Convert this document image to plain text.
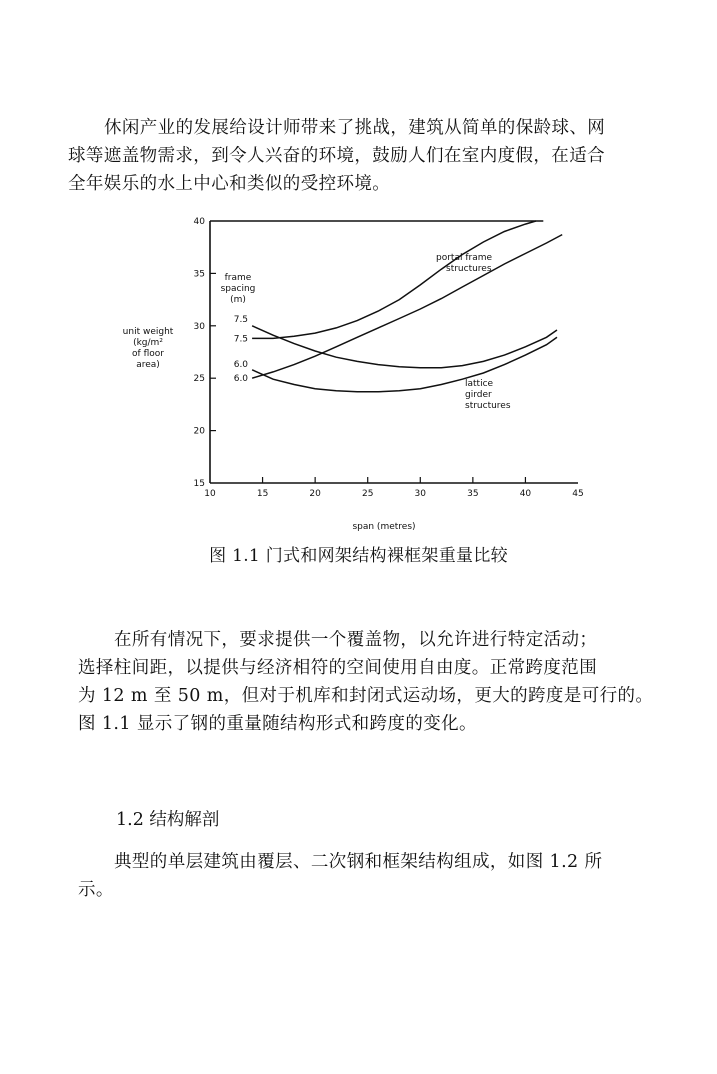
休闲产业的发展给设计师带来了挑战，建筑从简单的保龄球、网
球等遮盖物需求，到令人兴奋的环境，鼓励人们在室内度假，在适合
全年娱乐的水上中心和类似的受控环境。
15
20
25
30
35
40
10	15	20	25	30	35	40	45
7.5
6.0
7.5
6.0
span (metres)
unit weight (kg/m² of floor area)
frame spacing (m)
portal frame structures
lattice girder structures
图 1.1 门式和网架结构裸框架重量比较
在所有情况下，要求提供一个覆盖物，以允许进行特定活动；
选择柱间距，以提供与经济相符的空间使用自由度。正常跨度范围
为 12 m 至 50 m，但对于机库和封闭式运动场，更大的跨度是可行的。
图 1.1 显示了钢的重量随结构形式和跨度的变化。
1.2 结构解剖
典型的单层建筑由覆层、二次钢和框架结构组成，如图 1.2 所
示。
